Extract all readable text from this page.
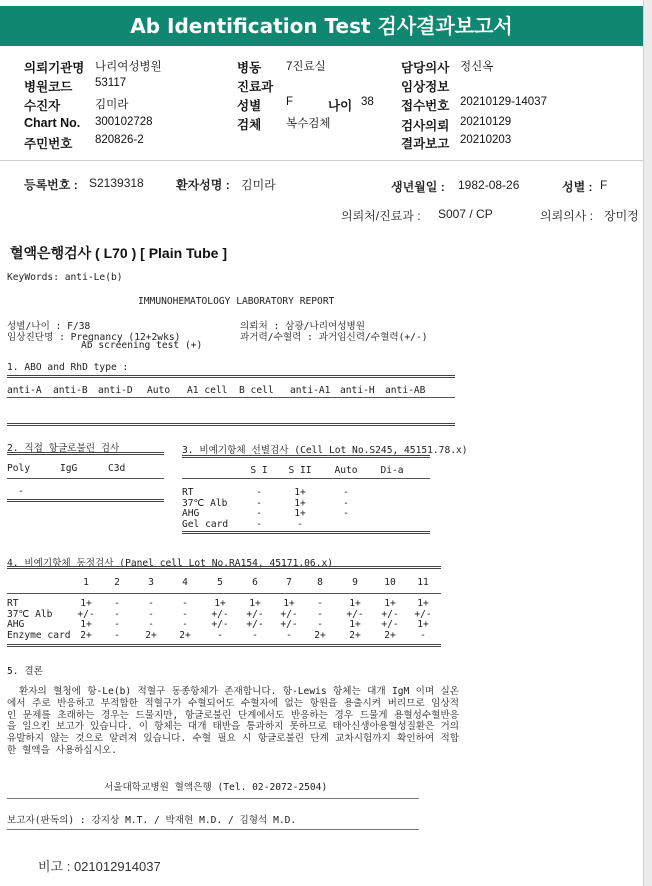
Ab Identification Test 검사결과보고서
의뢰기관명 나리여성병원
병원코드 53117
수진자	김미라
Chart No. 300102728
주민번호 820826-2
병동 7진료실
진료과
성별 F	나이 38
검체 복수검체
담당의사 정신옥
임상정보
접수번호 20210129-14037
검사의뢰 20210129
결과보고 20210203
등록번호 : S2139318	환자성명 : 김미라	생년월일 : 1982-08-26	성별 : F
의뢰처/진료과 : S007 / CP	의뢰의사 : 장미정
혈액은행검사 ( L70 ) [ Plain Tube ]
KeyWords: anti-Le(b)
IMMUNOHEMATOLOGY LABORATORY REPORT
성별/나이 : F/38
임상진단명 : Pregnancy (12+2wks)
Ab screening test (+)
의뢰처 : 삼광/나리여성병원
과거력/수혈력 : 과거임신력/수혈력(+/-)
1. ABO and RhD type :
anti-A anti-B anti-D Auto A1 cell B cell anti-A1 anti-H anti-AB
2. 직접 항글로불린 검사
Poly	IgG	C3d
-
3. 비예기항체 선별검사 (Cell Lot No.S245, 45151.78.x)
S I	S II	Auto	Di-a
RT	-	1+	-
37℃ Alb	-	1+	-
AHG	-	1+	-
Gel card	-	-
4. 비예기항체 동정검사 (Panel cell Lot No.RA154, 45171.06.x)
1	2	3	4	5	6	7	8	9	10	11
RT	1+	-	-	-	1+	1+	1+	-	1+	1+	1+
37℃ Alb	+/-	-	-	-	+/-	+/-	+/-	-	+/-	+/-	+/-
AHG	1+	-	-	-	+/-	+/-	+/-	-	1+	+/-	1+
Enzyme card	2+	-	2+	2+	-	-	-	2+	2+	2+	-
5. 결론
환자의 혈청에 항-Le(b) 적혈구 동종항체가 존재합니다. 항-Lewis 항체는 대개 IgM 이며 실온에서 주로 반응하고 부적합한 적혈구가 수혈되어도 수혈자에 없는 항원을 용출시켜 버리므로 임상적인 문제를 초래하는 경우는 드물지만, 항글로불린 단계에서도 반응하는 경우 드물게 용혈성수혈반응을 일으킨 보고가 있습니다. 이 항체는 대개 태반을 통과하지 못하므로 태아신생아용혈성질환은 거의 유발하지 않는 것으로 알려져 있습니다. 수혈 필요 시 항글로불린 단계 교차시험까지 확인하여 적합한 혈액을 사용하십시오.
서울대학교병원 혈액은행 (Tel. 02-2072-2504)
보고자(판독의) : 강지상 M.T. / 박재현 M.D. / 김형석 M.D.
비고 : 021012914037
